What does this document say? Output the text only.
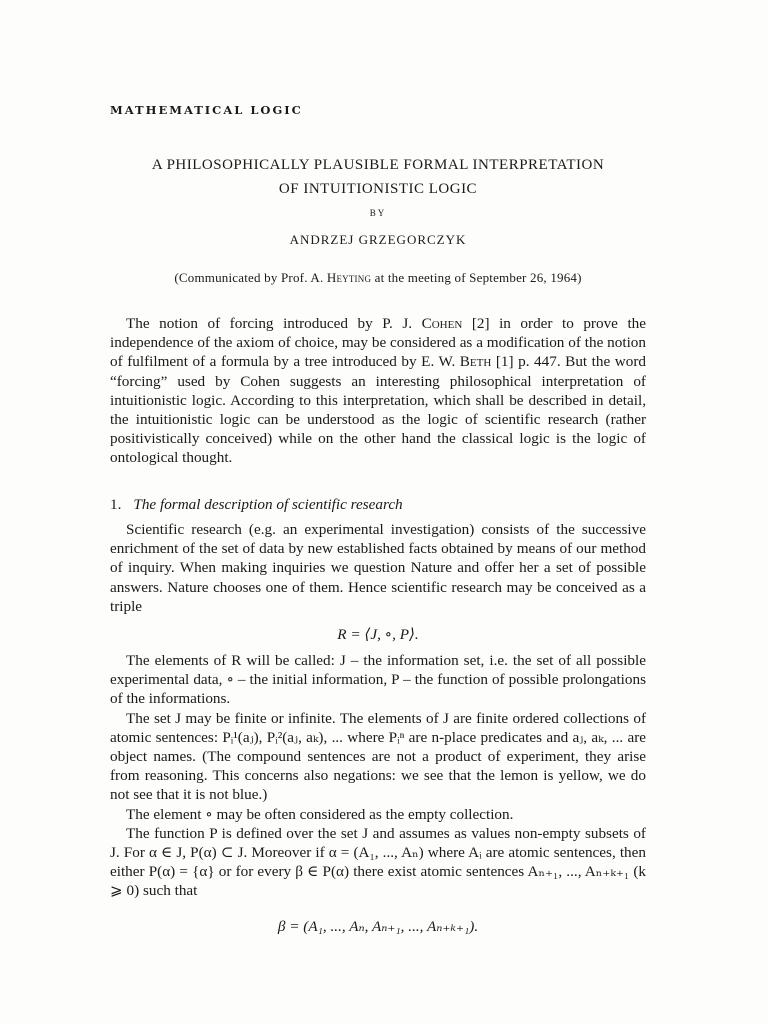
MATHEMATICAL LOGIC
A PHILOSOPHICALLY PLAUSIBLE FORMAL INTERPRETATION
OF INTUITIONISTIC LOGIC
BY
ANDRZEJ GRZEGORCZYK
(Communicated by Prof. A. Heyting at the meeting of September 26, 1964)

The notion of forcing introduced by P. J. Cohen [2] in order to prove the independence of the axiom of choice, may be considered as a modification of the notion of fulfilment of a formula by a tree introduced by E. W. Beth [1] p. 447. But the word “forcing” used by Cohen suggests an interesting philosophical interpretation of intuitionistic logic. According to this interpretation, which shall be described in detail, the intuitionistic logic can be understood as the logic of scientific research (rather positivistically conceived) while on the other hand the classical logic is the logic of ontological thought.

1. The formal description of scientific research

Scientific research (e.g. an experimental investigation) consists of the successive enrichment of the set of data by new established facts obtained by means of our method of inquiry. When making inquiries we question Nature and offer her a set of possible answers. Nature chooses one of them. Hence scientific research may be conceived as a triple

R = ⟨J, ∘, P⟩.

The elements of R will be called: J – the information set, i.e. the set of all possible experimental data, ∘ – the initial information, P – the function of possible prolongations of the informations.

The set J may be finite or infinite. The elements of J are finite ordered collections of atomic sentences: Pᵢ¹(aⱼ), Pᵢ²(aⱼ, aₖ), ... where Pᵢⁿ are n-place predicates and aⱼ, aₖ, ... are object names. (The compound sentences are not a product of experiment, they arise from reasoning. This concerns also negations: we see that the lemon is yellow, we do not see that it is not blue.)

The element ∘ may be often considered as the empty collection.

The function P is defined over the set J and assumes as values non-empty subsets of J. For α ∈ J, P(α) ⊂ J. Moreover if α = (A₁, ..., Aₙ) where Aᵢ are atomic sentences, then either P(α) = {α} or for every β ∈ P(α) there exist atomic sentences Aₙ₊₁, ..., Aₙ₊ₖ₊₁ (k ⩾ 0) such that

β = (A₁, ..., Aₙ, Aₙ₊₁, ..., Aₙ₊ₖ₊₁).
